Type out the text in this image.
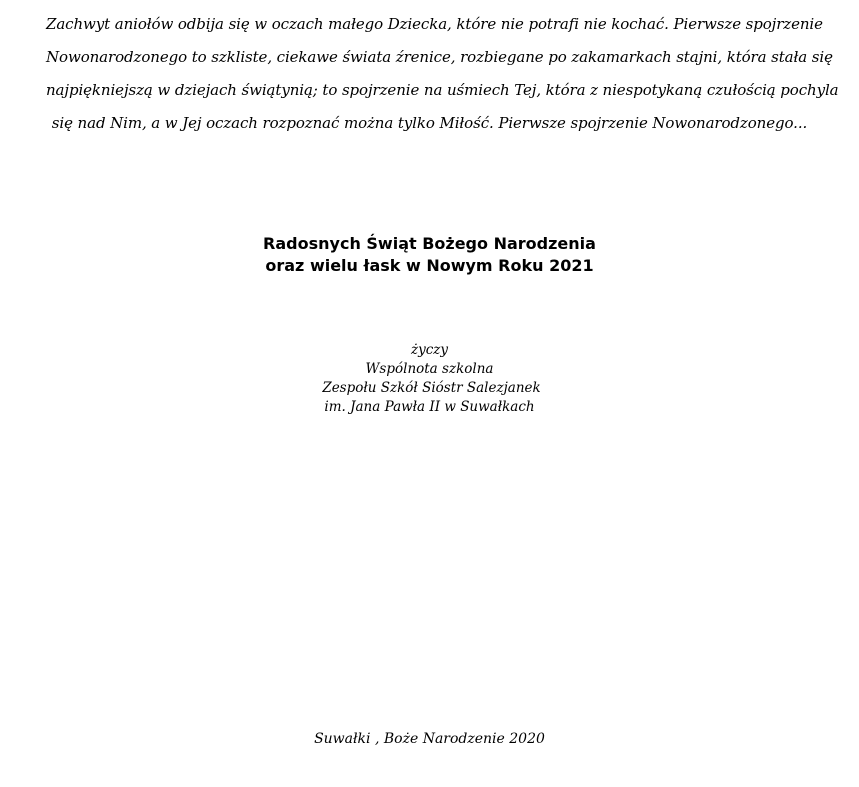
Zachwyt aniołów odbija się w oczach małego Dziecka, które nie potrafi nie kochać. Pierwsze spojrzenie
Nowonarodzonego to szkliste, ciekawe świata źrenice, rozbiegane po zakamarkach stajni, która stała się
najpiękniejszą w dziejach świątynią; to spojrzenie na uśmiech Tej, która z niespotykaną czułością pochyla
się nad Nim, a w Jej oczach rozpoznać można tylko Miłość. Pierwsze spojrzenie Nowonarodzonego...
Radosnych Świąt Bożego Narodzenia
oraz wielu łask w Nowym Roku 2021
życzy
Wspólnota szkolna
Zespołu Szkół Sióstr Salezjanek
im. Jana Pawła II w Suwałkach
Suwałki , Boże Narodzenie 2020
